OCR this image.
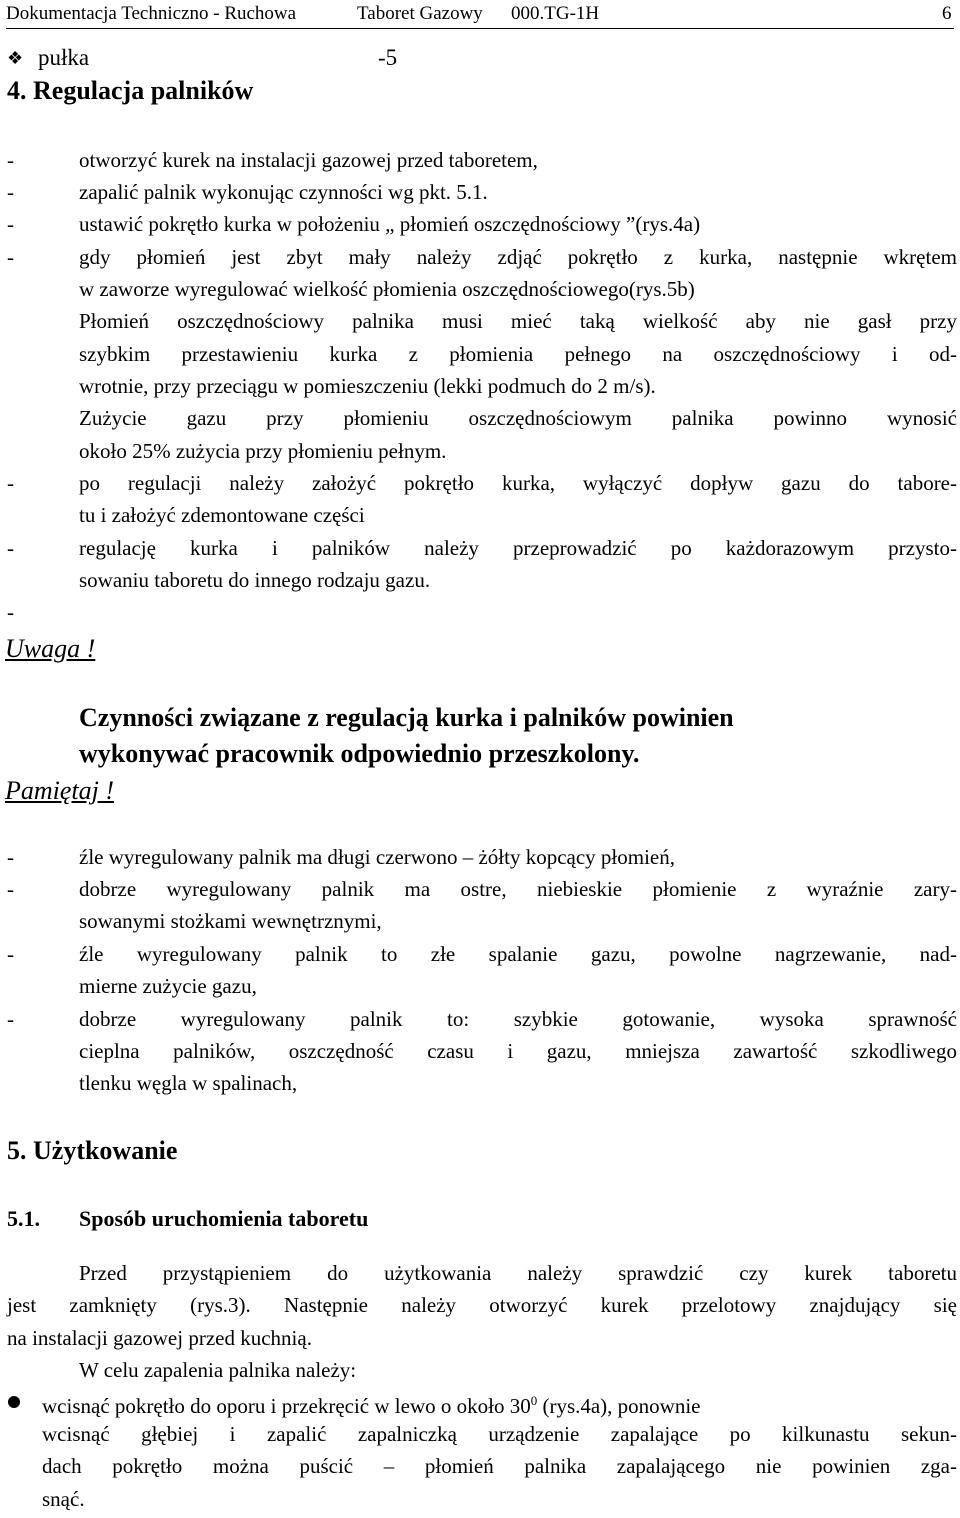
Dokumentacja Techniczno - Ruchowa	Taboret Gazowy 000.TG-1H	6
❖ pułka	-5
4. Regulacja palników
-	otworzyć kurek na instalacji gazowej przed taboretem,
-	zapalić palnik wykonując czynności wg pkt. 5.1.
-	ustawić pokrętło kurka w położeniu „ płomień oszczędnościowy ”(rys.4a)
-	gdy płomień jest zbyt mały należy zdjąć pokrętło z kurka, następnie wkrętem
w zaworze wyregulować wielkość płomienia oszczędnościowego(rys.5b)
Płomień oszczędnościowy palnika musi mieć taką wielkość aby nie gasł przy
szybkim przestawieniu kurka z płomienia pełnego na oszczędnościowy i od-
wrotnie, przy przeciągu w pomieszczeniu (lekki podmuch do 2 m/s).
Zużycie gazu przy płomieniu oszczędnościowym palnika powinno wynosić
około 25% zużycia przy płomieniu pełnym.
-	po regulacji należy założyć pokrętło kurka, wyłączyć dopływ gazu do tabore-
tu i założyć zdemontowane części
-	regulację kurka i palników należy przeprowadzić po każdorazowym przysto-
sowaniu taboretu do innego rodzaju gazu.
-
Uwaga !
Czynności związane z regulacją kurka i palników powinien
wykonywać pracownik odpowiednio przeszkolony.
Pamiętaj !
-	źle wyregulowany palnik ma długi czerwono – żółty kopcący płomień,
-	dobrze wyregulowany palnik ma ostre, niebieskie płomienie z wyraźnie zary-
sowanymi stożkami wewnętrznymi,
-	źle wyregulowany palnik to złe spalanie gazu, powolne nagrzewanie, nad-
mierne zużycie gazu,
-	dobrze wyregulowany palnik to: szybkie gotowanie, wysoka sprawność
cieplna palników, oszczędność czasu i gazu, mniejsza zawartość szkodliwego
tlenku węgla w spalinach,
5. Użytkowanie
5.1. Sposób uruchomienia taboretu
Przed przystąpieniem do użytkowania należy sprawdzić czy kurek taboretu
jest zamknięty (rys.3). Następnie należy otworzyć kurek przelotowy znajdujący się
na instalacji gazowej przed kuchnią.
W celu zapalenia palnika należy:
wcisnąć pokrętło do oporu i przekręcić w lewo o około $30^0$ (rys.4a), ponownie
wcisnąć głębiej i zapalić zapalniczką urządzenie zapalające po kilkunastu sekun-
dach pokrętło można puścić – płomień palnika zapalającego nie powinien zga-
snąć.
